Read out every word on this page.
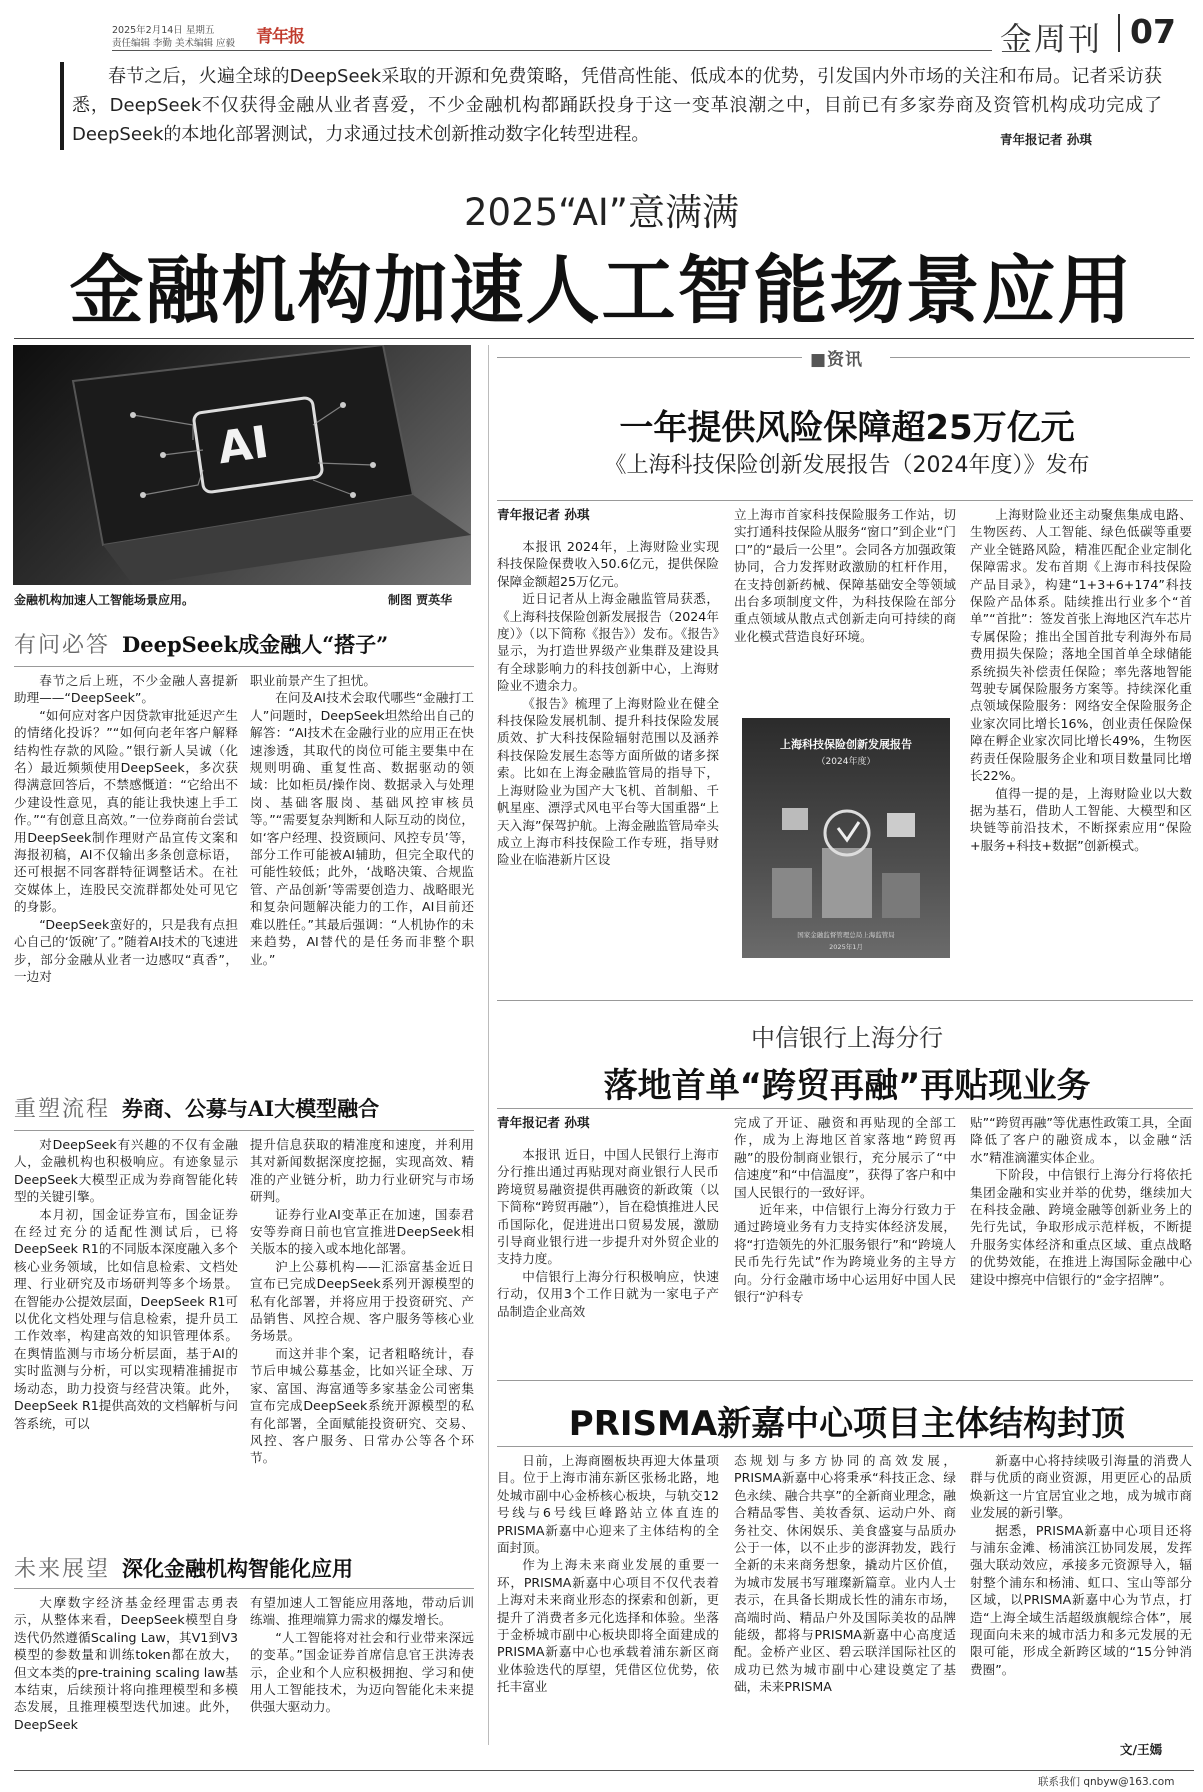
2025年2月14日 星期五
责任编辑 李勤 美术编辑 应毅 青年报	金周刊 07
春节之后，火遍全球的DeepSeek采取的开源和免费策略，凭借高性能、低成本的优势，引发国内外市场的关注和布局。记者采访获悉，DeepSeek不仅获得金融从业者喜爱，不少金融机构都踊跃投身于这一变革浪潮之中，目前已有多家券商及资管机构成功完成了DeepSeek的本地化部署测试，力求通过技术创新推动数字化转型进程。	青年报记者 孙琪
2025“AI”意满满
金融机构加速人工智能场景应用
AI
金融机构加速人工智能场景应用。	制图 贾英华
有问必答 DeepSeek成金融人“搭子”

春节之后上班，不少金融人喜提新助理——“DeepSeek”。

“如何应对客户因贷款审批延迟产生的情绪化投诉？”“如何向老年客户解释结构性存款的风险。”银行新人吴诚（化名）最近频频使用DeepSeek，多次获得满意回答后，不禁感慨道：“它给出不少建设性意见，真的能让我快速上手工作。”“有创意且高效。”一位券商前台尝试用DeepSeek制作理财产品宣传文案和海报初稿，AI不仅输出多条创意标语，还可根据不同客群特征调整话术。在社交媒体上，连股民交流群都处处可见它的身影。

“DeepSeek蛮好的，只是我有点担心自己的‘饭碗’了。”随着AI技术的飞速进步，部分金融从业者一边感叹“真香”，一边对

职业前景产生了担忧。

在问及AI技术会取代哪些“金融打工人”问题时，DeepSeek坦然给出自己的解答：“AI技术在金融行业的应用正在快速渗透，其取代的岗位可能主要集中在规则明确、重复性高、数据驱动的领域：比如柜员/操作岗、数据录入与处理岗、基础客服岗、基础风控审核员等。”“需要复杂判断和人际互动的岗位，如‘客户经理、投资顾问、风控专员’等，部分工作可能被AI辅助，但完全取代的可能性较低；此外，‘战略决策、合规监管、产品创新’等需要创造力、战略眼光和复杂问题解决能力的工作，AI目前还难以胜任。”其最后强调：“人机协作的未来趋势，AI替代的是任务而非整个职业。”

重塑流程 券商、公募与AI大模型融合

对DeepSeek有兴趣的不仅有金融人，金融机构也积极响应。有迹象显示DeepSeek大模型正成为券商智能化转型的关键引擎。

本月初，国金证券宣布，国金证券在经过充分的适配性测试后，已将DeepSeek R1的不同版本深度融入多个核心业务领域，比如信息检索、文档处理、行业研究及市场研判等多个场景。在智能办公提效层面，DeepSeek R1可以优化文档处理与信息检索，提升员工工作效率，构建高效的知识管理体系。在舆情监测与市场分析层面，基于AI的实时监测与分析，可以实现精准捕捉市场动态，助力投资与经营决策。此外，DeepSeek R1提供高效的文档解析与问答系统，可以

提升信息获取的精准度和速度，并利用其对新闻数据深度挖掘，实现高效、精准的产业链分析，助力行业研究与市场研判。

证券行业AI变革正在加速，国泰君安等券商日前也官宣推进DeepSeek相关版本的接入或本地化部署。

沪上公募机构——汇添富基金近日宣布已完成DeepSeek系列开源模型的私有化部署，并将应用于投资研究、产品销售、风控合规、客户服务等核心业务场景。

而这并非个案，记者粗略统计，春节后申城公募基金，比如兴证全球、万家、富国、海富通等多家基金公司密集宣布完成DeepSeek系统开源模型的私有化部署，全面赋能投资研究、交易、风控、客户服务、日常办公等各个环节。

未来展望 深化金融机构智能化应用

大摩数字经济基金经理雷志勇表示，从整体来看，DeepSeek模型自身迭代仍然遵循Scaling Law，其V1到V3模型的参数量和训练token都在放大，但文本类的pre-training scaling law基本结束，后续预计将向推理模型和多模态发展，且推理模型迭代加速。此外，DeepSeek

有望加速人工智能应用落地，带动后训练端、推理端算力需求的爆发增长。

“人工智能将对社会和行业带来深远的变革。”国金证券首席信息官王洪涛表示，企业和个人应积极拥抱、学习和使用人工智能技术，为迈向智能化未来提供强大驱动力。

■资讯
一年提供风险保障超25万亿元
《上海科技保险创新发展报告（2024年度）》发布
青年报记者 孙琪

本报讯 2024年，上海财险业实现科技保险保费收入50.6亿元，提供保险保障金额超25万亿元。

近日记者从上海金融监管局获悉，《上海科技保险创新发展报告（2024年度）》（以下简称《报告》）发布。《报告》显示，为打造世界级产业集群及建设具有全球影响力的科技创新中心，上海财险业不遗余力。

《报告》梳理了上海财险业在健全科技保险发展机制、提升科技保险发展质效、扩大科技保险辐射范围以及涵养科技保险发展生态等方面所做的诸多探索。比如在上海金融监管局的指导下，上海财险业为国产大飞机、首制船、千帆星座、漂浮式风电平台等大国重器“上天入海”保驾护航。上海金融监管局牵头成立上海市科技保险工作专班，指导财险业在临港新片区设

立上海市首家科技保险服务工作站，切实打通科技保险从服务“窗口”到企业“门口”的“最后一公里”。会同各方加强政策协同，合力发挥财政激励的杠杆作用，在支持创新药械、保障基础安全等领域出台多项制度文件，为科技保险在部分重点领域从散点式创新走向可持续的商业化模式营造良好环境。

上海科技保险创新发展报告
（2024年度）
国家金融监督管理总局上海监管局
2025年1月

上海财险业还主动聚焦集成电路、生物医药、人工智能、绿色低碳等重要产业全链路风险，精准匹配企业定制化保障需求。发布首期《上海市科技保险产品目录》，构建“1+3+6+174”科技保险产品体系。陆续推出行业多个“首单”“首批”：签发首张上海地区汽车芯片专属保险；推出全国首批专利海外布局费用损失保险；落地全国首单全球储能系统损失补偿责任保险；率先落地智能驾驶专属保险服务方案等。持续深化重点领域保险服务：网络安全保险服务企业家次同比增长16%，创业责任保险保障在孵企业家次同比增长49%，生物医药责任保险服务企业和项目数量同比增长22%。

值得一提的是，上海财险业以大数据为基石，借助人工智能、大模型和区块链等前沿技术，不断探索应用“保险+服务+科技+数据”创新模式。

中信银行上海分行
落地首单“跨贸再融”再贴现业务
青年报记者 孙琪

本报讯 近日，中国人民银行上海市分行推出通过再贴现对商业银行人民币跨境贸易融资提供再融资的新政策（以下简称“跨贸再融”），旨在稳慎推进人民币国际化，促进进出口贸易发展，激励引导商业银行进一步提升对外贸企业的支持力度。

中信银行上海分行积极响应，快速行动，仅用3个工作日就为一家电子产品制造企业高效

完成了开证、融资和再贴现的全部工作，成为上海地区首家落地“跨贸再融”的股份制商业银行，充分展示了“中信速度”和“中信温度”，获得了客户和中国人民银行的一致好评。

近年来，中信银行上海分行致力于通过跨境业务有力支持实体经济发展，将“打造领先的外汇服务银行”和“跨境人民币先行先试”作为跨境业务的主导方向。分行金融市场中心运用好中国人民银行“沪科专

贴”“跨贸再融”等优惠性政策工具，全面降低了客户的融资成本，以金融“活水”精准滴灌实体企业。

下阶段，中信银行上海分行将依托集团金融和实业并举的优势，继续加大在科技金融、跨境金融等创新业务上的先行先试，争取形成示范样板，不断提升服务实体经济和重点区域、重点战略的优势效能，在推进上海国际金融中心建设中擦亮中信银行的“金字招牌”。

PRISMA新嘉中心项目主体结构封顶

日前，上海商圈板块再迎大体量项目。位于上海市浦东新区张杨北路，地处城市副中心金桥核心板块，与轨交12号线与6号线巨峰路站立体直连的PRISMA新嘉中心迎来了主体结构的全面封顶。

作为上海未来商业发展的重要一环，PRISMA新嘉中心项目不仅代表着上海对未来商业形态的探索和创新，更提升了消费者多元化选择和体验。坐落于金桥城市副中心板块即将全面建成的PRISMA新嘉中心也承载着浦东新区商业体验迭代的厚望，凭借区位优势，依托丰富业

态规划与多方协同的高效发展，PRISMA新嘉中心将秉承“科技正念、绿色永续、融合共享”的全新商业理念，融合精品零售、美妆香氛、运动户外、商务社交、休闲娱乐、美食盛宴与品质办公于一体，以不止步的澎湃勃发，践行全新的未来商务想象，撬动片区价值，为城市发展书写璀璨新篇章。业内人士表示，在具备长期成长性的浦东市场，高端时尚、精品户外及国际美妆的品牌能级，都将与PRISMA新嘉中心高度适配。金桥产业区、碧云联洋国际社区的成功已然为城市副中心建设奠定了基础，未来PRISMA

新嘉中心将持续吸引海量的消费人群与优质的商业资源，用更匠心的品质焕新这一片宜居宜业之地，成为城市商业发展的新引擎。

据悉，PRISMA新嘉中心项目还将与浦东金滩、杨浦滨江协同发展，发挥强大联动效应，承接多元资源导入，辐射整个浦东和杨浦、虹口、宝山等部分区域，以PRISMA新嘉中心为节点，打造“上海全域生活超级旗舰综合体”，展现面向未来的城市活力和多元发展的无限可能，形成全新跨区域的“15分钟消费圈”。

文/王嫣
联系我们 qnbyw@163.com
